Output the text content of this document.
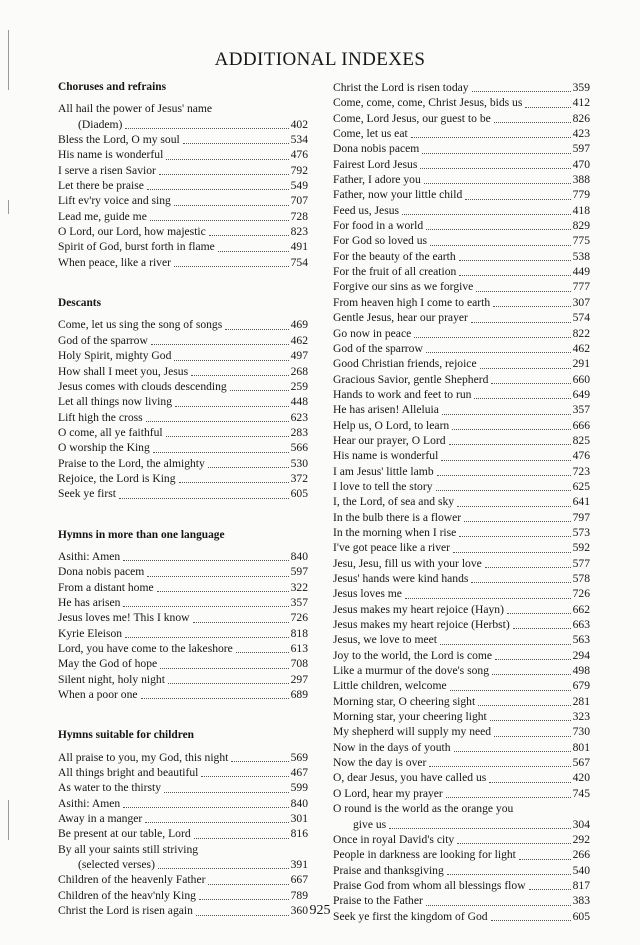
ADDITIONAL INDEXES
Choruses and refrains
All hail the power of Jesus' name
(Diadem)	402
Bless the Lord, O my soul	534
His name is wonderful	476
I serve a risen Savior	792
Let there be praise	549
Lift ev'ry voice and sing	707
Lead me, guide me	728
O Lord, our Lord, how majestic	823
Spirit of God, burst forth in flame	491
When peace, like a river	754
Descants
Come, let us sing the song of songs	469
God of the sparrow	462
Holy Spirit, mighty God	497
How shall I meet you, Jesus	268
Jesus comes with clouds descending	259
Let all things now living	448
Lift high the cross	623
O come, all ye faithful	283
O worship the King	566
Praise to the Lord, the almighty	530
Rejoice, the Lord is King	372
Seek ye first	605
Hymns in more than one language
Asithi: Amen	840
Dona nobis pacem	597
From a distant home	322
He has arisen	357
Jesus loves me! This I know	726
Kyrie Eleison	818
Lord, you have come to the lakeshore	613
May the God of hope	708
Silent night, holy night	297
When a poor one	689
Hymns suitable for children
All praise to you, my God, this night	569
All things bright and beautiful	467
As water to the thirsty	599
Asithi: Amen	840
Away in a manger	301
Be present at our table, Lord	816
By all your saints still striving
(selected verses)	391
Children of the heavenly Father	667
Children of the heav'nly King	789
Christ the Lord is risen again	360
Christ the Lord is risen today	359
Come, come, come, Christ Jesus, bids us	412
Come, Lord Jesus, our guest to be	826
Come, let us eat	423
Dona nobis pacem	597
Fairest Lord Jesus	470
Father, I adore you	388
Father, now your little child	779
Feed us, Jesus	418
For food in a world	829
For God so loved us	775
For the beauty of the earth	538
For the fruit of all creation	449
Forgive our sins as we forgive	777
From heaven high I come to earth	307
Gentle Jesus, hear our prayer	574
Go now in peace	822
God of the sparrow	462
Good Christian friends, rejoice	291
Gracious Savior, gentle Shepherd	660
Hands to work and feet to run	649
He has arisen! Alleluia	357
Help us, O Lord, to learn	666
Hear our prayer, O Lord	825
His name is wonderful	476
I am Jesus' little lamb	723
I love to tell the story	625
I, the Lord, of sea and sky	641
In the bulb there is a flower	797
In the morning when I rise	573
I've got peace like a river	592
Jesu, Jesu, fill us with your love	577
Jesus' hands were kind hands	578
Jesus loves me	726
Jesus makes my heart rejoice (Hayn)	662
Jesus makes my heart rejoice (Herbst)	663
Jesus, we love to meet	563
Joy to the world, the Lord is come	294
Like a murmur of the dove's song	498
Little children, welcome	679
Morning star, O cheering sight	281
Morning star, your cheering light	323
My shepherd will supply my need	730
Now in the days of youth	801
Now the day is over	567
O, dear Jesus, you have called us	420
O Lord, hear my prayer	745
O round is the world as the orange you
give us	304
Once in royal David's city	292
People in darkness are looking for light	266
Praise and thanksgiving	540
Praise God from whom all blessings flow	817
Praise to the Father	383
Seek ye first the kingdom of God	605
925
